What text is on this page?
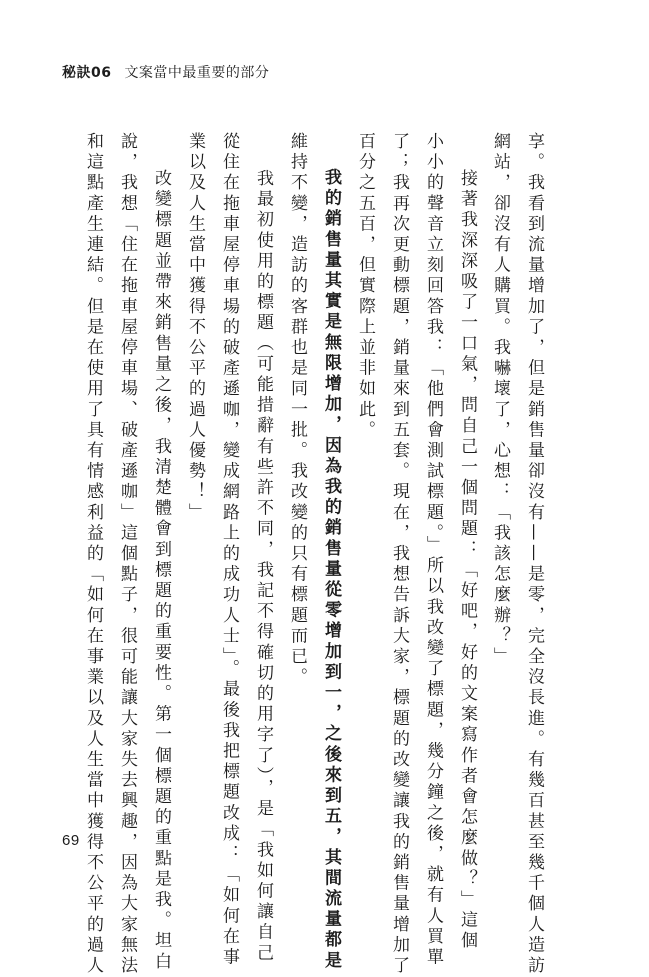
秘訣06 文案當中最重要的部分
享。我看到流量增加了，但是銷售量卻沒有——是零，完全沒長進。有幾百甚至幾千個人造訪
網站，卻沒有人購買。我嚇壞了，心想：「我該怎麼辦？」
接著我深深吸了一口氣，問自己一個問題：「好吧，好的文案寫作者會怎麼做？」這個
小小的聲音立刻回答我：「他們會測試標題。」所以我改變了標題，幾分鐘之後，就有人買單
了；我再次更動標題，銷量來到五套。現在，我想告訴大家，標題的改變讓我的銷售量增加了
百分之五百，但實際上並非如此。
我的銷售量其實是無限增加，因為我的銷售量從零增加到一，之後來到五，其間流量都是
維持不變，造訪的客群也是同一批。我改變的只有標題而已。
我最初使用的標題（可能措辭有些許不同，我記不得確切的用字了），是「我如何讓自己
從住在拖車屋停車場的破產遜咖，變成網路上的成功人士」。最後我把標題改成：「如何在事
業以及人生當中獲得不公平的過人優勢！」
改變標題並帶來銷售量之後，我清楚體會到標題的重要性。第一個標題的重點是我。坦白
說，我想「住在拖車屋停車場、破產遜咖」這個點子，很可能讓大家失去興趣，因為大家無法
和這點產生連結。但是在使用了具有情感利益的「如何在事業以及人生當中獲得不公平的過人
69
